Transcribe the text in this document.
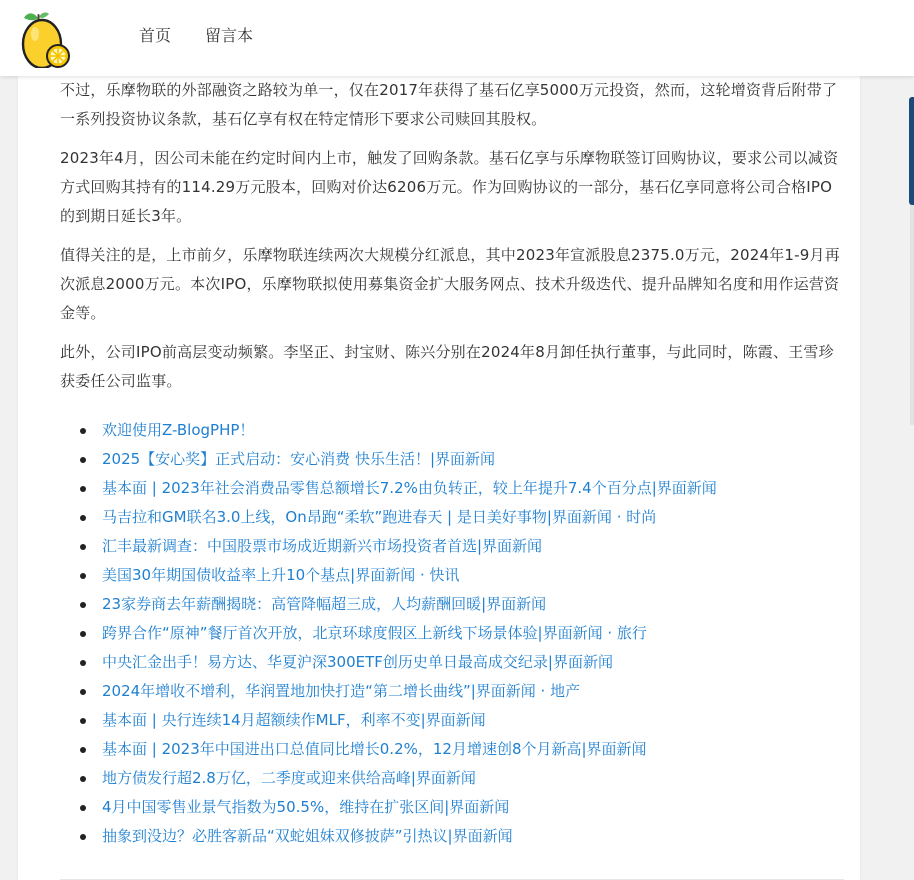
首页 留言本

不过，乐摩物联的外部融资之路较为单一，仅在2017年获得了基石亿享5000万元投资，然而，这轮增资背后附带了一系列投资协议条款，基石亿享有权在特定情形下要求公司赎回其股权。

2023年4月，因公司未能在约定时间内上市，触发了回购条款。基石亿享与乐摩物联签订回购协议，要求公司以减资方式回购其持有的114.29万元股本，回购对价达6206万元。作为回购协议的一部分，基石亿享同意将公司合格IPO的到期日延长3年。

值得关注的是，上市前夕，乐摩物联连续两次大规模分红派息，其中2023年宣派股息2375.0万元，2024年1-9月再次派息2000万元。本次IPO，乐摩物联拟使用募集资金扩大服务网点、技术升级迭代、提升品牌知名度和用作运营资金等。

此外，公司IPO前高层变动频繁。李坚正、封宝财、陈兴分别在2024年8月卸任执行董事，与此同时，陈霞、王雪珍获委任公司监事。

欢迎使用Z-BlogPHP！
2025【安心奖】正式启动：安心消费 快乐生活！|界面新闻
基本面 | 2023年社会消费品零售总额增长7.2%由负转正，较上年提升7.4个百分点|界面新闻
马吉拉和GM联名3.0上线，On昂跑“柔软”跑进春天 | 是日美好事物|界面新闻 · 时尚
汇丰最新调查：中国股票市场成近期新兴市场投资者首选|界面新闻
美国30年期国债收益率上升10个基点|界面新闻 · 快讯
23家券商去年薪酬揭晓：高管降幅超三成，人均薪酬回暖|界面新闻
跨界合作“原神”餐厅首次开放，北京环球度假区上新线下场景体验|界面新闻 · 旅行
中央汇金出手！易方达、华夏沪深300ETF创历史单日最高成交纪录|界面新闻
2024年增收不增利，华润置地加快打造“第二增长曲线”|界面新闻 · 地产
基本面 | 央行连续14月超额续作MLF，利率不变|界面新闻
基本面 | 2023年中国进出口总值同比增长0.2%，12月增速创8个月新高|界面新闻
地方债发行超2.8万亿，二季度或迎来供给高峰|界面新闻
4月中国零售业景气指数为50.5%，维持在扩张区间|界面新闻
抽象到没边？必胜客新品“双蛇姐妹双修披萨”引热议|界面新闻
